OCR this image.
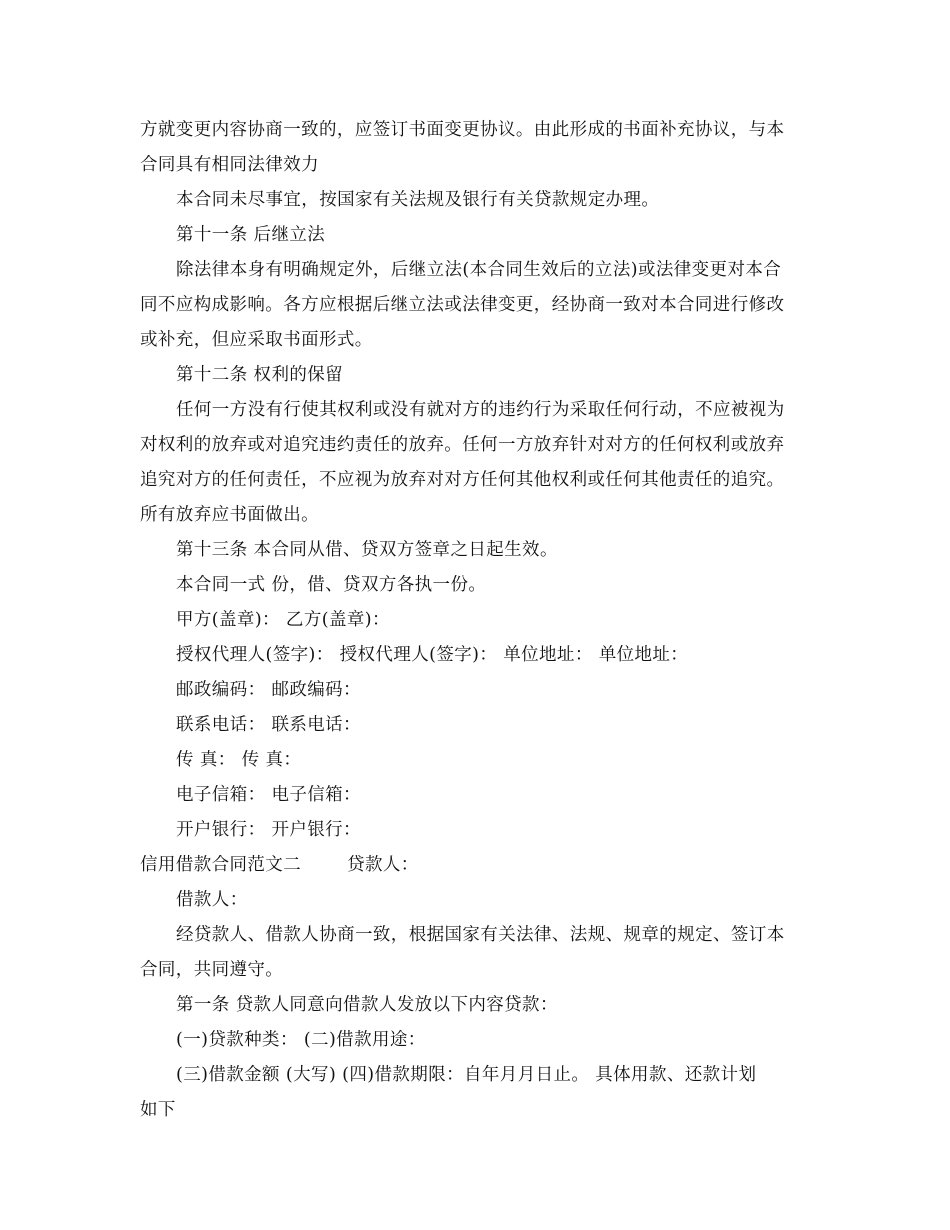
方就变更内容协商一致的，应签订书面变更协议。由此形成的书面补充协议，与本
合同具有相同法律效力
本合同未尽事宜，按国家有关法规及银行有关贷款规定办理。
第十一条 后继立法
除法律本身有明确规定外，后继立法(本合同生效后的立法)或法律变更对本合
同不应构成影响。各方应根据后继立法或法律变更，经协商一致对本合同进行修改
或补充，但应采取书面形式。
第十二条 权利的保留
任何一方没有行使其权利或没有就对方的违约行为采取任何行动，不应被视为
对权利的放弃或对追究违约责任的放弃。任何一方放弃针对对方的任何权利或放弃
追究对方的任何责任，不应视为放弃对对方任何其他权利或任何其他责任的追究。
所有放弃应书面做出。
第十三条 本合同从借、贷双方签章之日起生效。
本合同一式 份，借、贷双方各执一份。
甲方(盖章)： 乙方(盖章)：
授权代理人(签字)： 授权代理人(签字)： 单位地址： 单位地址：
邮政编码： 邮政编码：
联系电话： 联系电话：
传 真： 传 真：
电子信箱： 电子信箱：
开户银行： 开户银行：
信用借款合同范文二	贷款人：
借款人：
经贷款人、借款人协商一致，根据国家有关法律、法规、规章的规定、签订本
合同，共同遵守。
第一条 贷款人同意向借款人发放以下内容贷款：
(一)贷款种类： (二)借款用途：
(三)借款金额 (大写) (四)借款期限：自年月月日止。 具体用款、还款计划
如下
